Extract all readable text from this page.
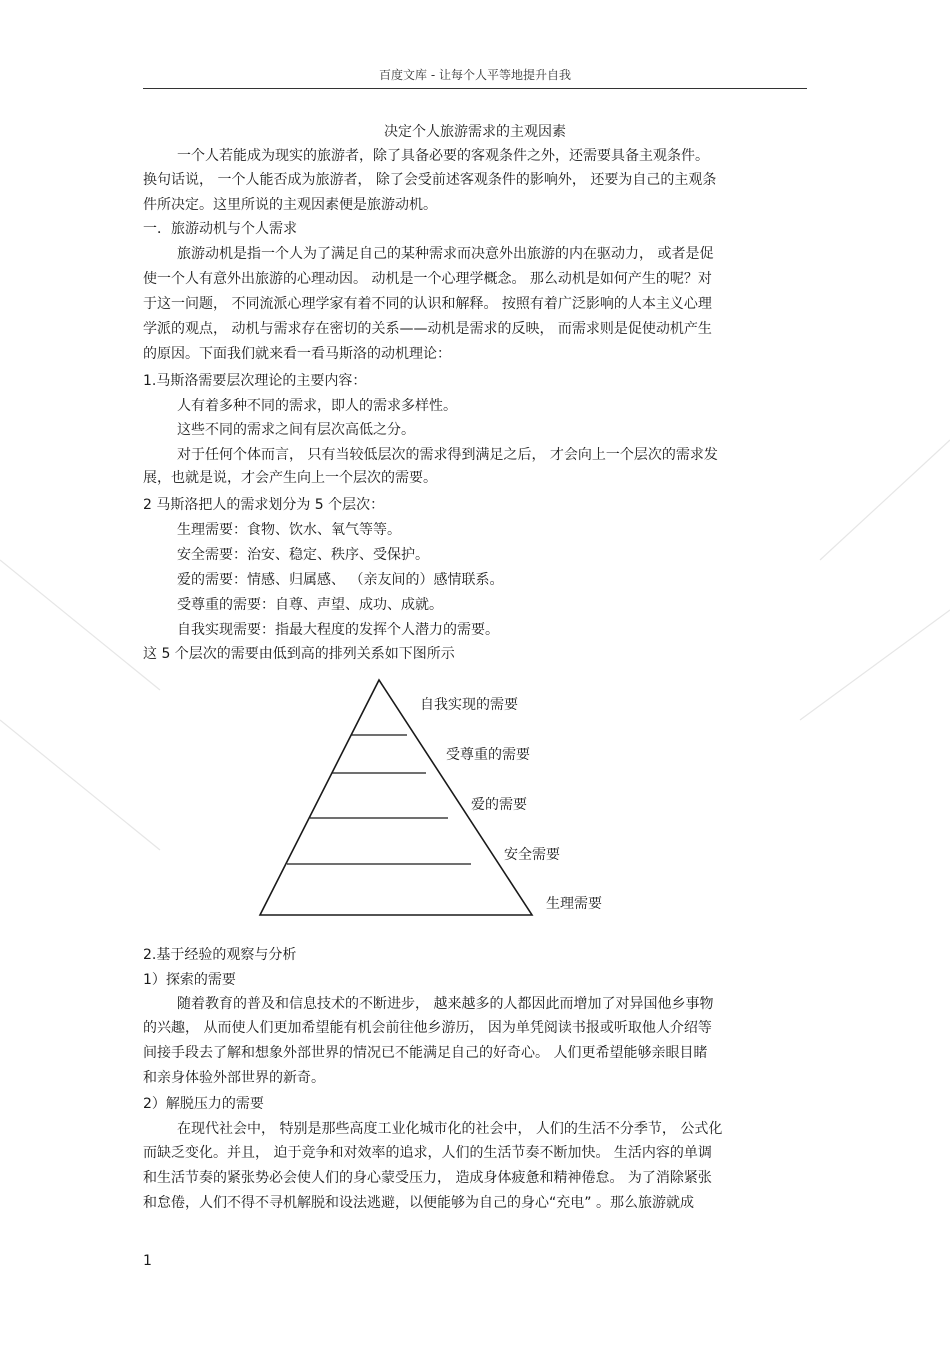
百度文库 - 让每个人平等地提升自我
决定个人旅游需求的主观因素
一个人若能成为现实的旅游者，除了具备必要的客观条件之外，还需要具备主观条件。
换句话说， 一个人能否成为旅游者， 除了会受前述客观条件的影响外， 还要为自己的主观条
件所决定。这里所说的主观因素便是旅游动机。
一．旅游动机与个人需求
旅游动机是指一个人为了满足自己的某种需求而决意外出旅游的内在驱动力， 或者是促
使一个人有意外出旅游的心理动因。 动机是一个心理学概念。 那么动机是如何产生的呢？对
于这一问题， 不同流派心理学家有着不同的认识和解释。 按照有着广泛影响的人本主义心理
学派的观点， 动机与需求存在密切的关系——动机是需求的反映， 而需求则是促使动机产生
的原因。下面我们就来看一看马斯洛的动机理论：
1.马斯洛需要层次理论的主要内容：
人有着多种不同的需求，即人的需求多样性。
这些不同的需求之间有层次高低之分。
对于任何个体而言， 只有当较低层次的需求得到满足之后， 才会向上一个层次的需求发
展，也就是说，才会产生向上一个层次的需要。
2 马斯洛把人的需求划分为 5 个层次：
生理需要：食物、饮水、氧气等等。
安全需要：治安、稳定、秩序、受保护。
爱的需要：情感、归属感、 （亲友间的）感情联系。
受尊重的需要：自尊、声望、成功、成就。
自我实现需要：指最大程度的发挥个人潜力的需要。
这 5 个层次的需要由低到高的排列关系如下图所示
自我实现的需要
受尊重的需要
爱的需要
安全需要
生理需要
2.基于经验的观察与分析
1）探索的需要
随着教育的普及和信息技术的不断进步， 越来越多的人都因此而增加了对异国他乡事物
的兴趣， 从而使人们更加希望能有机会前往他乡游历， 因为单凭阅读书报或听取他人介绍等
间接手段去了解和想象外部世界的情况已不能满足自己的好奇心。 人们更希望能够亲眼目睹
和亲身体验外部世界的新奇。
2）解脱压力的需要
在现代社会中， 特别是那些高度工业化城市化的社会中， 人们的生活不分季节， 公式化
而缺乏变化。并且， 迫于竞争和对效率的追求，人们的生活节奏不断加快。 生活内容的单调
和生活节奏的紧张势必会使人们的身心蒙受压力， 造成身体疲惫和精神倦怠。 为了消除紧张
和怠倦，人们不得不寻机解脱和设法逃避，以便能够为自己的身心“充电” 。那么旅游就成
1
